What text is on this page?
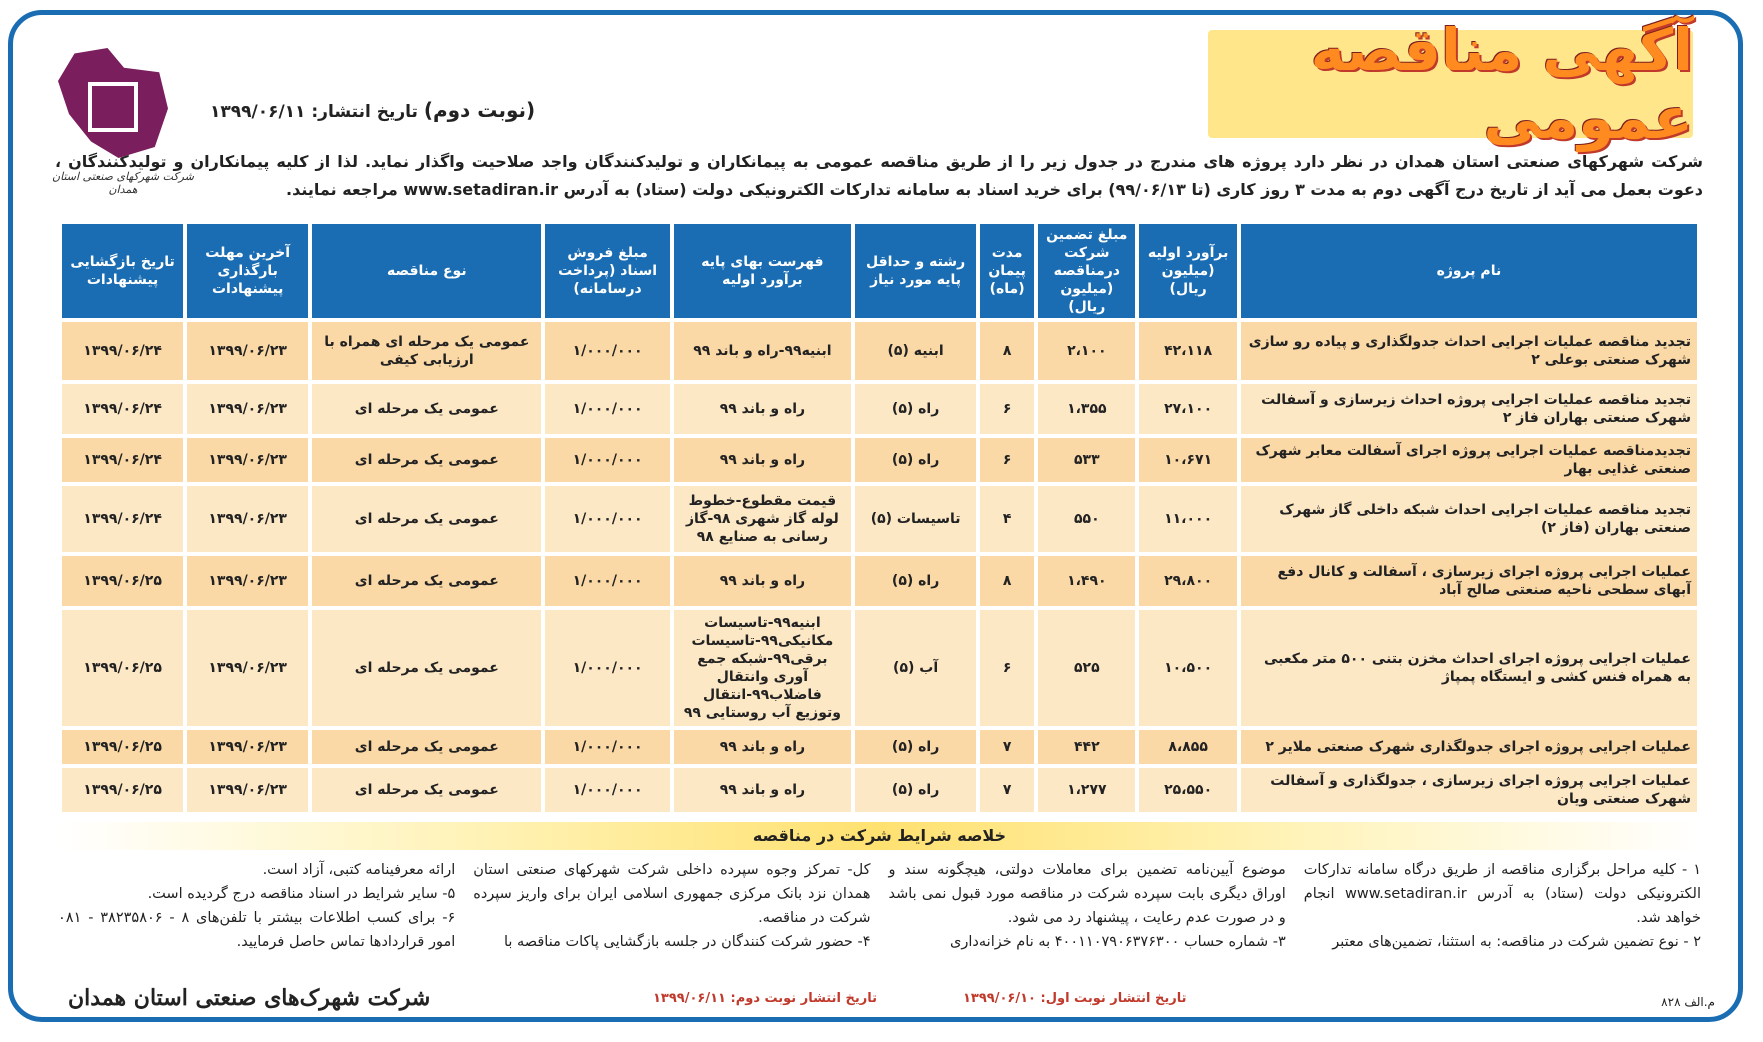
آگهی مناقصه عمومی
شرکت شهرکهای صنعتی استان همدان
(نوبت دوم) تاریخ انتشار: ۱۳۹۹/۰۶/۱۱
شرکت شهرکهای صنعتی استان همدان در نظر دارد پروژه های مندرج در جدول زیر را از طریق مناقصه عمومی به پیمانکاران و تولیدکنندگان واجد صلاحیت واگذار نماید. لذا از کلیه پیمانکاران و تولیدکنندگان ، دعوت بعمل می آید از تاریخ درج آگهی دوم به مدت ۳ روز کاری (تا ۹۹/۰۶/۱۳) برای خرید اسناد به سامانه تدارکات الکترونیکی دولت (ستاد) به آدرس www.setadiran.ir مراجعه نمایند.
نام پروژه	برآورد اولیه (میلیون ریال)	مبلغ تضمین شرکت درمناقصه (میلیون ریال)	مدت پیمان (ماه)	رشته و حداقل پایه مورد نیاز	فهرست بهای پایه برآورد اولیه	مبلغ فروش اسناد (پرداخت درسامانه)	نوع مناقصه	آخرین مهلت بارگذاری پیشنهادات	تاریخ بازگشایی پیشنهادات
تجدید مناقصه عملیات اجرایی احداث جدولگذاری و پیاده رو سازی شهرک صنعتی بوعلی ۲	۴۲،۱۱۸	۲،۱۰۰	۸	ابنیه (۵)	ابنیه۹۹-راه و باند ۹۹	۱/۰۰۰/۰۰۰	عمومی یک مرحله ای همراه با ارزیابی کیفی	۱۳۹۹/۰۶/۲۳	۱۳۹۹/۰۶/۲۴
تجدید مناقصه عملیات اجرایی پروژه احداث زیرسازی و آسفالت شهرک صنعتی بهاران فاز ۲	۲۷،۱۰۰	۱،۳۵۵	۶	راه (۵)	راه و باند ۹۹	۱/۰۰۰/۰۰۰	عمومی یک مرحله ای	۱۳۹۹/۰۶/۲۳	۱۳۹۹/۰۶/۲۴
تجدیدمناقصه عملیات اجرایی پروژه اجرای آسفالت معابر شهرک صنعتی غذایی بهار	۱۰،۶۷۱	۵۳۳	۶	راه (۵)	راه و باند ۹۹	۱/۰۰۰/۰۰۰	عمومی یک مرحله ای	۱۳۹۹/۰۶/۲۳	۱۳۹۹/۰۶/۲۴
تجدید مناقصه عملیات اجرایی احداث شبکه داخلی گاز شهرک صنعتی بهاران (فاز ۲)	۱۱،۰۰۰	۵۵۰	۴	تاسیسات (۵)	قیمت مقطوع-خطوط لوله گاز شهری ۹۸-گاز رسانی به صنایع ۹۸	۱/۰۰۰/۰۰۰	عمومی یک مرحله ای	۱۳۹۹/۰۶/۲۳	۱۳۹۹/۰۶/۲۴
عملیات اجرایی پروژه اجرای زیرسازی ، آسفالت و کانال دفع آبهای سطحی ناحیه صنعتی صالح آباد	۲۹،۸۰۰	۱،۴۹۰	۸	راه (۵)	راه و باند ۹۹	۱/۰۰۰/۰۰۰	عمومی یک مرحله ای	۱۳۹۹/۰۶/۲۳	۱۳۹۹/۰۶/۲۵
عملیات اجرایی پروژه اجرای احداث مخزن بتنی ۵۰۰ متر مکعبی به همراه فنس کشی و ایستگاه پمپاژ	۱۰،۵۰۰	۵۲۵	۶	آب (۵)	ابنیه۹۹-تاسیسات مکانیکی۹۹-تاسیسات برقی۹۹-شبکه جمع آوری وانتقال فاضلاب۹۹-انتقال وتوزیع آب روستایی ۹۹	۱/۰۰۰/۰۰۰	عمومی یک مرحله ای	۱۳۹۹/۰۶/۲۳	۱۳۹۹/۰۶/۲۵
عملیات اجرایی پروژه اجرای جدولگذاری شهرک صنعتی ملایر ۲	۸،۸۵۵	۴۴۲	۷	راه (۵)	راه و باند ۹۹	۱/۰۰۰/۰۰۰	عمومی یک مرحله ای	۱۳۹۹/۰۶/۲۳	۱۳۹۹/۰۶/۲۵
عملیات اجرایی پروژه اجرای زیرسازی ، جدولگذاری و آسفالت شهرک صنعتی ویان	۲۵،۵۵۰	۱،۲۷۷	۷	راه (۵)	راه و باند ۹۹	۱/۰۰۰/۰۰۰	عمومی یک مرحله ای	۱۳۹۹/۰۶/۲۳	۱۳۹۹/۰۶/۲۵
خلاصه شرایط شرکت در مناقصه

۱ - کلیه مراحل برگزاری مناقصه از طریق درگاه سامانه تدارکات الکترونیکی دولت (ستاد) به آدرس www.setadiran.ir انجام خواهد شد.

۲ - نوع تضمین شرکت در مناقصه: به استثنا، تضمین‌های معتبر

موضوع آیین‌نامه تضمین برای معاملات دولتی، هیچگونه سند و اوراق دیگری بابت سپرده شرکت در مناقصه مورد قبول نمی باشد و در صورت عدم رعایت ، پیشنهاد رد می شود.

۳- شماره حساب ۴۰۰۱۱۰۷۹۰۶۳۷۶۳۰۰ به نام خزانه‌داری

کل- تمرکز وجوه سپرده داخلی شرکت شهرکهای صنعتی استان همدان نزد بانک مرکزی جمهوری اسلامی ایران برای واریز سپرده شرکت در مناقصه.

۴- حضور شرکت کنندگان در جلسه بازگشایی پاکات مناقصه با

ارائه معرفینامه کتبی، آزاد است.

۵- سایر شرایط در اسناد مناقصه درج گردیده است.

۶- برای کسب اطلاعات بیشتر با تلفن‌های ۸ - ۳۸۲۳۵۸۰۶ - ۰۸۱ امور قراردادها تماس حاصل فرمایید.

شرکت شهرک‌های صنعتی استان همدان	تاریخ انتشار نوبت دوم: ۱۳۹۹/۰۶/۱۱	تاریخ انتشار نوبت اول: ۱۳۹۹/۰۶/۱۰	م.الف ۸۲۸
